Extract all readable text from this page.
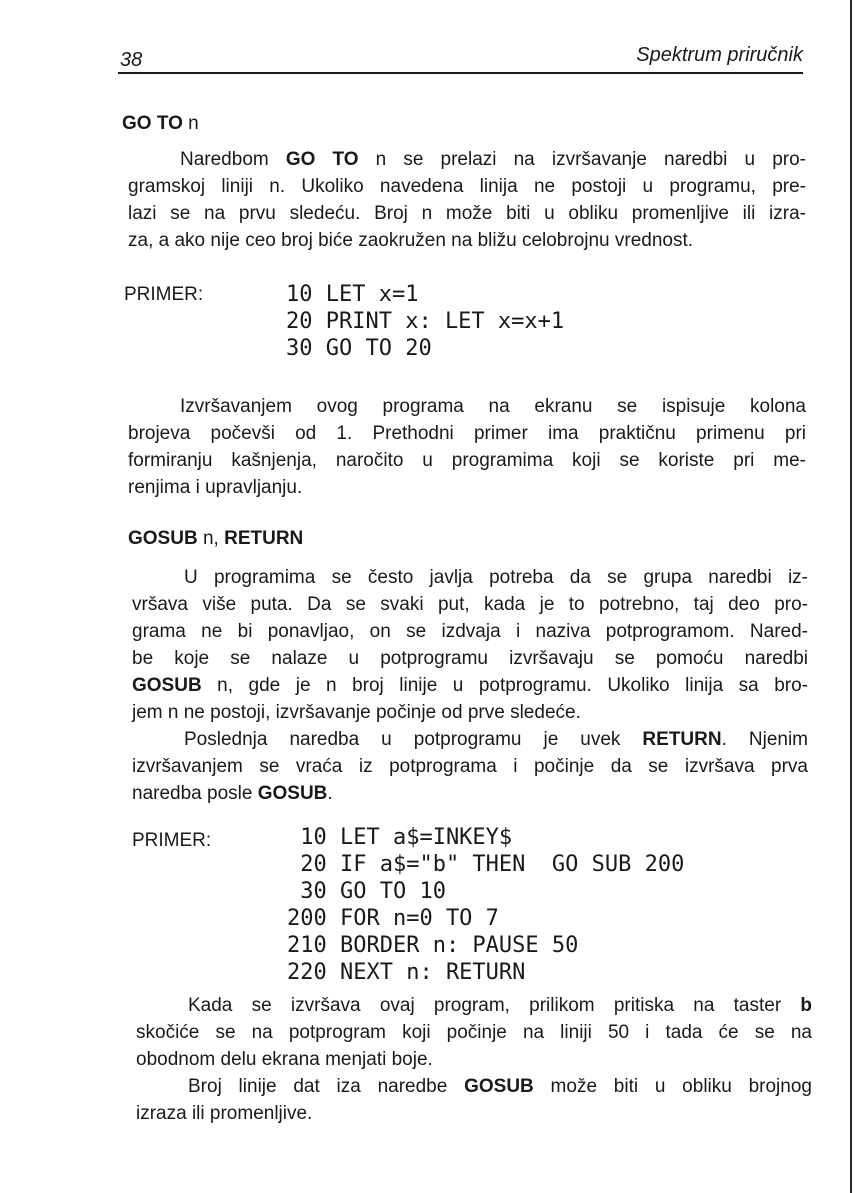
38	Spektrum priručnik
GO TO n
Naredbom GO TO n se prelazi na izvršavanje naredbi u pro-
gramskoj liniji n. Ukoliko navedena linija ne postoji u programu, pre-
lazi se na prvu sledeću. Broj n može biti u obliku promenljive ili izra-
za, a ako nije ceo broj biće zaokružen na bližu celobrojnu vrednost.
PRIMER:	10 LET x=1
20 PRINT x: LET x=x+1
30 GO TO 20
Izvršavanjem ovog programa na ekranu se ispisuje kolona
brojeva počevši od 1. Prethodni primer ima praktičnu primenu pri
formiranju kašnjenja, naročito u programima koji se koriste pri me-
renjima i upravljanju.
GOSUB n, RETURN
U programima se često javlja potreba da se grupa naredbi iz-
vršava više puta. Da se svaki put, kada je to potrebno, taj deo pro-
grama ne bi ponavljao, on se izdvaja i naziva potprogramom. Nared-
be koje se nalaze u potprogramu izvršavaju se pomoću naredbi
GOSUB n, gde je n broj linije u potprogramu. Ukoliko linija sa bro-
jem n ne postoji, izvršavanje počinje od prve sledeće.
Poslednja naredba u potprogramu je uvek RETURN. Njenim
izvršavanjem se vraća iz potprograma i počinje da se izvršava prva
naredba posle GOSUB.
PRIMER:	10 LET a$=INKEY$
20 IF a$="b" THEN  GO SUB 200
30 GO TO 10
200 FOR n=0 TO 7
210 BORDER n: PAUSE 50
220 NEXT n: RETURN
Kada se izvršava ovaj program, prilikom pritiska na taster b
skočiće se na potprogram koji počinje na liniji 50 i tada će se na
obodnom delu ekrana menjati boje.
Broj linije dat iza naredbe GOSUB može biti u obliku brojnog
izraza ili promenljive.
